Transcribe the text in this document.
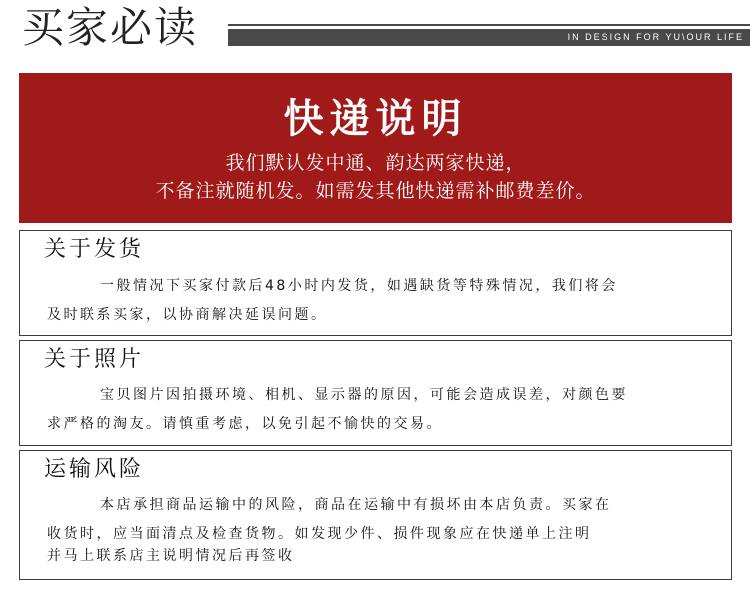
买家必读	IN DESIGN FOR YU\OUR LIFE
快递说明
我们默认发中通、韵达两家快递，
不备注就随机发。如需发其他快递需补邮费差价。
关于发货
一般情况下买家付款后48小时内发货，如遇缺货等特殊情况，我们将会
及时联系买家，以协商解决延误问题。
关于照片
宝贝图片因拍摄环境、相机、显示器的原因，可能会造成误差，对颜色要
求严格的淘友。请慎重考虑，以免引起不愉快的交易。
运输风险
本店承担商品运输中的风险，商品在运输中有损坏由本店负责。买家在
收货时，应当面清点及检查货物。如发现少件、损件现象应在快递单上注明
并马上联系店主说明情况后再签收
